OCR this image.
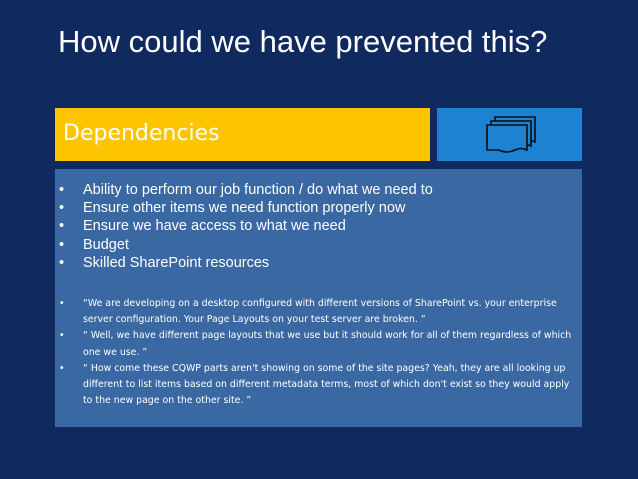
How could we have prevented this?
Dependencies
• Ability to perform our job function / do what we need to
• Ensure other items we need function properly now
• Ensure we have access to what we need
• Budget
• Skilled SharePoint resources
• “We are developing on a desktop configured with different versions of SharePoint vs. your enterprise server configuration. Your Page Layouts on your test server are broken. ”
• “ Well, we have different page layouts that we use but it should work for all of them regardless of which one we use. ”
• “ How come these CQWP parts aren't showing on some of the site pages? Yeah, they are all looking up different to list items based on different metadata terms, most of which don't exist so they would apply to the new page on the other site. ”
